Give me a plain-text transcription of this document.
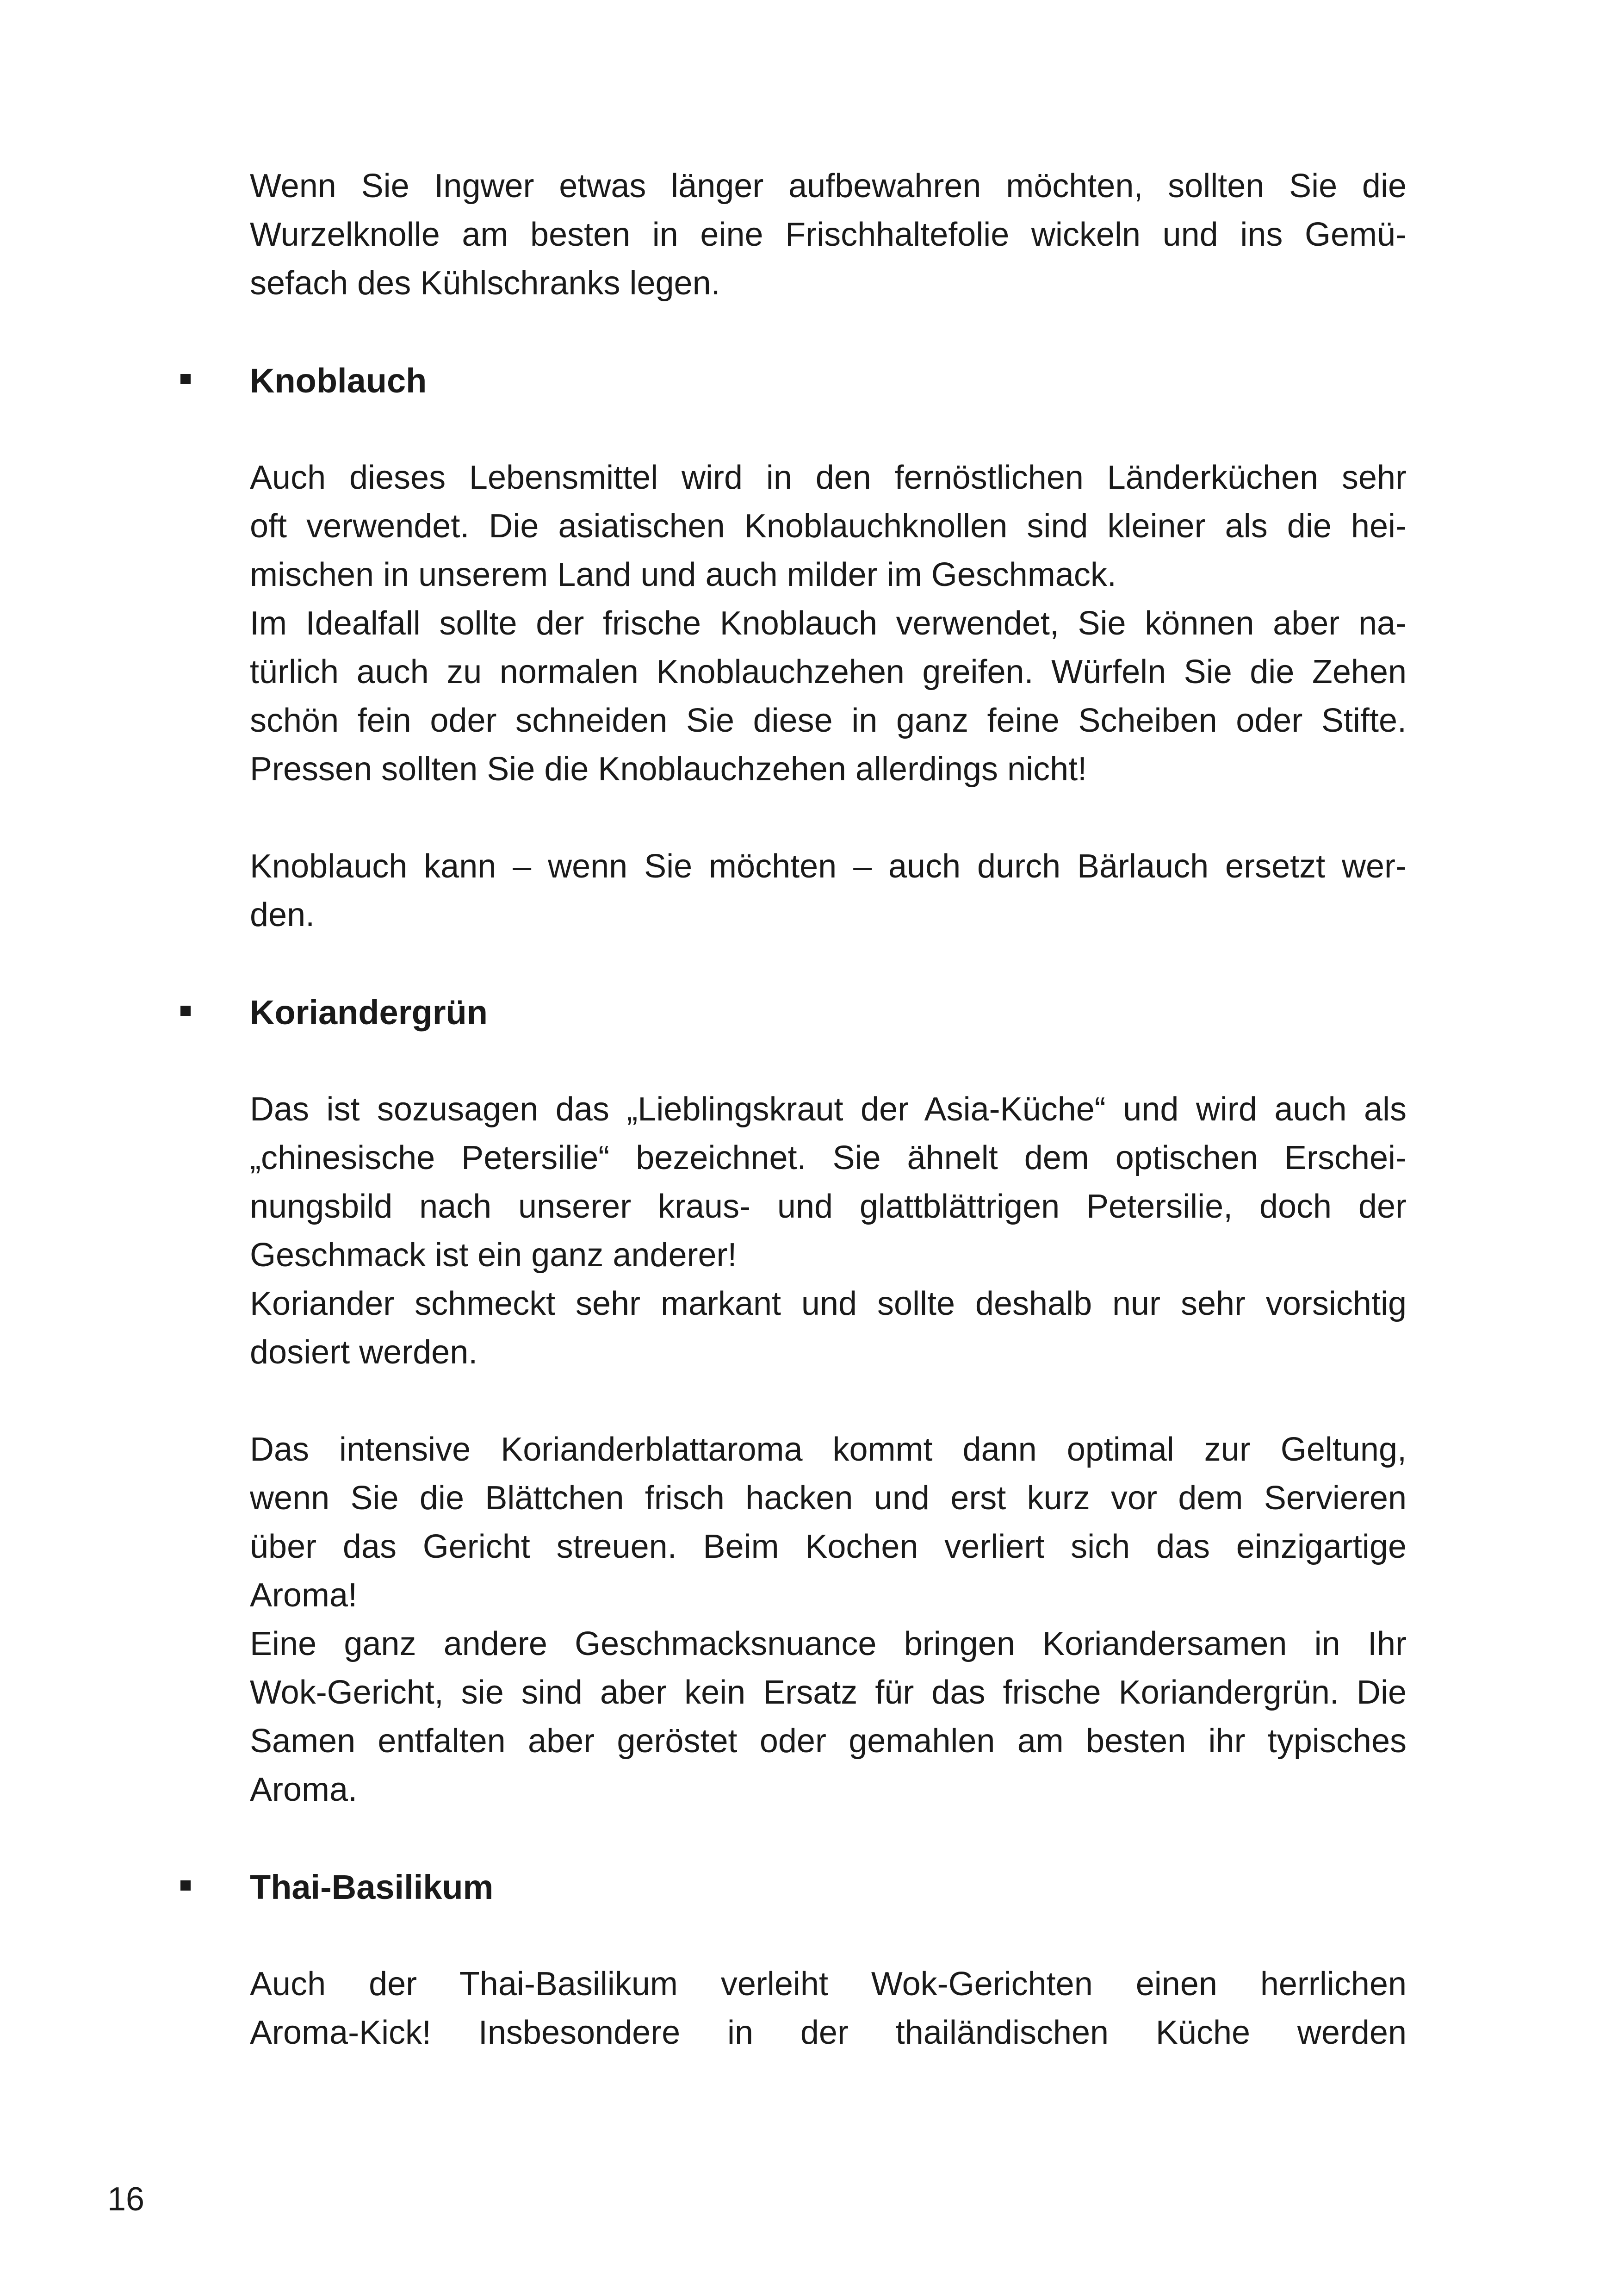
Wenn Sie Ingwer etwas länger aufbewahren möchten, sollten Sie die
Wurzelknolle am besten in eine Frischhaltefolie wickeln und ins Gemü-
sefach des Kühlschranks legen.
Knoblauch
Auch dieses Lebensmittel wird in den fernöstlichen Länderküchen sehr
oft verwendet. Die asiatischen Knoblauchknollen sind kleiner als die hei-
mischen in unserem Land und auch milder im Geschmack.
Im Idealfall sollte der frische Knoblauch verwendet, Sie können aber na-
türlich auch zu normalen Knoblauchzehen greifen. Würfeln Sie die Zehen
schön fein oder schneiden Sie diese in ganz feine Scheiben oder Stifte.
Pressen sollten Sie die Knoblauchzehen allerdings nicht!
Knoblauch kann – wenn Sie möchten – auch durch Bärlauch ersetzt wer-
den.
Koriandergrün
Das ist sozusagen das „Lieblingskraut der Asia-Küche“ und wird auch als
„chinesische Petersilie“ bezeichnet. Sie ähnelt dem optischen Erschei-
nungsbild nach unserer kraus- und glattblättrigen Petersilie, doch der
Geschmack ist ein ganz anderer!
Koriander schmeckt sehr markant und sollte deshalb nur sehr vorsichtig
dosiert werden.
Das intensive Korianderblattaroma kommt dann optimal zur Geltung,
wenn Sie die Blättchen frisch hacken und erst kurz vor dem Servieren
über das Gericht streuen. Beim Kochen verliert sich das einzigartige
Aroma!
Eine ganz andere Geschmacksnuance bringen Koriandersamen in Ihr
Wok-Gericht, sie sind aber kein Ersatz für das frische Koriandergrün. Die
Samen entfalten aber geröstet oder gemahlen am besten ihr typisches
Aroma.
Thai-Basilikum
Auch der Thai-Basilikum verleiht Wok-Gerichten einen herrlichen
Aroma-Kick! Insbesondere in der thailändischen Küche werden
16
